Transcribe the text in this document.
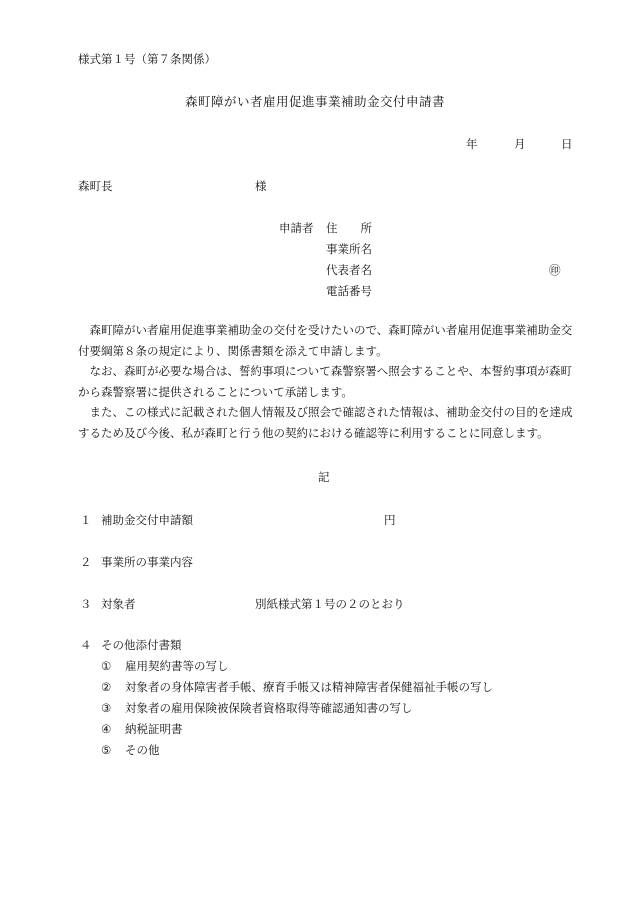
様式第１号（第７条関係）
森町障がい者雇用促進事業補助金交付申請書
年	月	日
森町長	様
申請者 住　　所
事業所名
代表者名	㊞
電話番号

森町障がい者雇用促進事業補助金の交付を受けたいので、森町障がい者雇用促進事業補助金交付要綱第８条の規定により、関係書類を添えて申請します。

なお、森町が必要な場合は、誓約事項について森警察署へ照会することや、本誓約事項が森町から森警察署に提供されることについて承諾します。

また、この様式に記載された個人情報及び照会で確認された情報は、補助金交付の目的を達成するため及び今後、私が森町と行う他の契約における確認等に利用することに同意します。

記
１ 補助金交付申請額	円
２ 事業所の事業内容
３ 対象者	別紙様式第１号の２のとおり
４ その他添付書類
① 雇用契約書等の写し
② 対象者の身体障害者手帳、療育手帳又は精神障害者保健福祉手帳の写し
③ 対象者の雇用保険被保険者資格取得等確認通知書の写し
④ 納税証明書
⑤ その他
